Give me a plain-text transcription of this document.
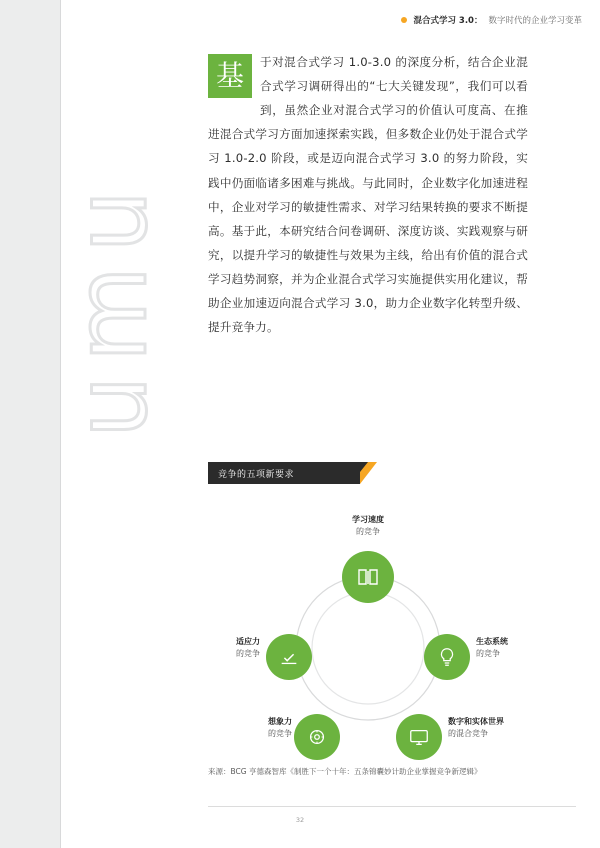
umu
混合式学习 3.0： 数字时代的企业学习变革
基	于对混合式学习 1.0-3.0 的深度分析，结合企业混合式学习调研得出的“七大关键发现”，我们可以看到，虽然企业对混合式学习的价值认可度高、在推进混合式学习方面加速探索实践，但多数企业仍处于混合式学习 1.0-2.0 阶段，或是迈向混合式学习 3.0 的努力阶段，实践中仍面临诸多困难与挑战。与此同时，企业数字化加速进程中，企业对学习的敏捷性需求、对学习结果转换的要求不断提高。基于此，本研究结合问卷调研、深度访谈、实践观察与研究，以提升学习的敏捷性与效果为主线，给出有价值的混合式学习趋势洞察，并为企业混合式学习实施提供实用化建议，帮助企业加速迈向混合式学习 3.0，助力企业数字化转型升级、提升竞争力。
竞争的五项新要求
学习速度
的竞争
生态系统
的竞争
数字和实体世界
的混合竞争
想象力
的竞争
适应力
的竞争
来源：BCG 亨德森智库《制胜下一个十年：五条锦囊妙计助企业掌握竞争新逻辑》
32
